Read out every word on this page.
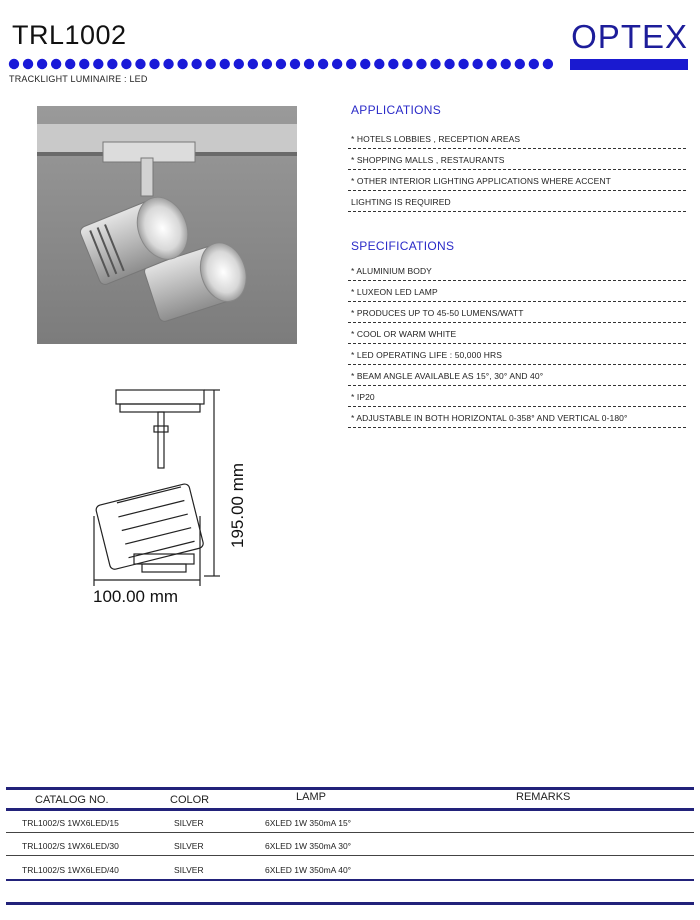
TRL1002	OPTEX
TRACKLIGHT LUMINAIRE : LED
APPLICATIONS
* HOTELS LOBBIES , RECEPTION AREAS
* SHOPPING MALLS , RESTAURANTS
* OTHER INTERIOR LIGHTING APPLICATIONS WHERE ACCENT
LIGHTING IS REQUIRED
SPECIFICATIONS
* ALUMINIUM BODY
* LUXEON LED LAMP
* PRODUCES UP TO 45-50 LUMENS/WATT
* COOL OR WARM WHITE
* LED OPERATING LIFE : 50,000 HRS
* BEAM ANGLE AVAILABLE AS 15°, 30° AND 40°
* IP20
* ADJUSTABLE IN BOTH HORIZONTAL 0-358° AND VERTICAL 0-180°
100.00 mm
195.00 mm
CATALOG NO.	COLOR	LAMP	REMARKS
TRL1002/S 1WX6LED/15	SILVER	6XLED 1W 350mA 15°
TRL1002/S 1WX6LED/30	SILVER	6XLED 1W 350mA 30°
TRL1002/S 1WX6LED/40	SILVER	6XLED 1W 350mA 40°
